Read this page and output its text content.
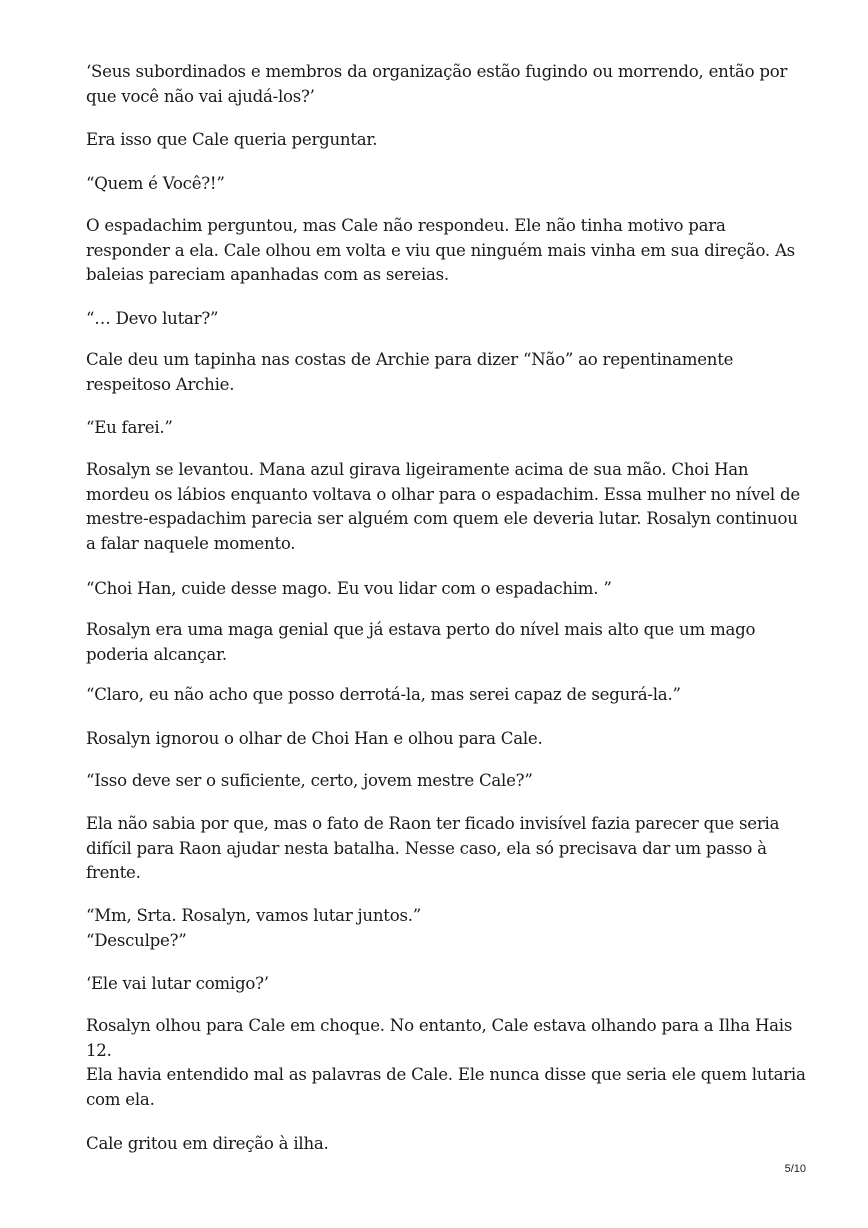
‘Seus subordinados e membros da organização estão fugindo ou morrendo, então por
que você não vai ajudá-los?’

Era isso que Cale queria perguntar.

“Quem é Você?!”

O espadachim perguntou, mas Cale não respondeu. Ele não tinha motivo para
responder a ela. Cale olhou em volta e viu que ninguém mais vinha em sua direção. As
baleias pareciam apanhadas com as sereias.

“… Devo lutar?”

Cale deu um tapinha nas costas de Archie para dizer “Não” ao repentinamente
respeitoso Archie.

“Eu farei.”

Rosalyn se levantou. Mana azul girava ligeiramente acima de sua mão. Choi Han
mordeu os lábios enquanto voltava o olhar para o espadachim. Essa mulher no nível de
mestre-espadachim parecia ser alguém com quem ele deveria lutar. Rosalyn continuou
a falar naquele momento.

“Choi Han, cuide desse mago. Eu vou lidar com o espadachim. ”

Rosalyn era uma maga genial que já estava perto do nível mais alto que um mago
poderia alcançar.

“Claro, eu não acho que posso derrotá-la, mas serei capaz de segurá-la.”

Rosalyn ignorou o olhar de Choi Han e olhou para Cale.

“Isso deve ser o suficiente, certo, jovem mestre Cale?”

Ela não sabia por que, mas o fato de Raon ter ficado invisível fazia parecer que seria
difícil para Raon ajudar nesta batalha. Nesse caso, ela só precisava dar um passo à
frente.

“Mm, Srta. Rosalyn, vamos lutar juntos.”
“Desculpe?”

‘Ele vai lutar comigo?’

Rosalyn olhou para Cale em choque. No entanto, Cale estava olhando para a Ilha Hais
12.
Ela havia entendido mal as palavras de Cale. Ele nunca disse que seria ele quem lutaria
com ela.

Cale gritou em direção à ilha.

5/10
